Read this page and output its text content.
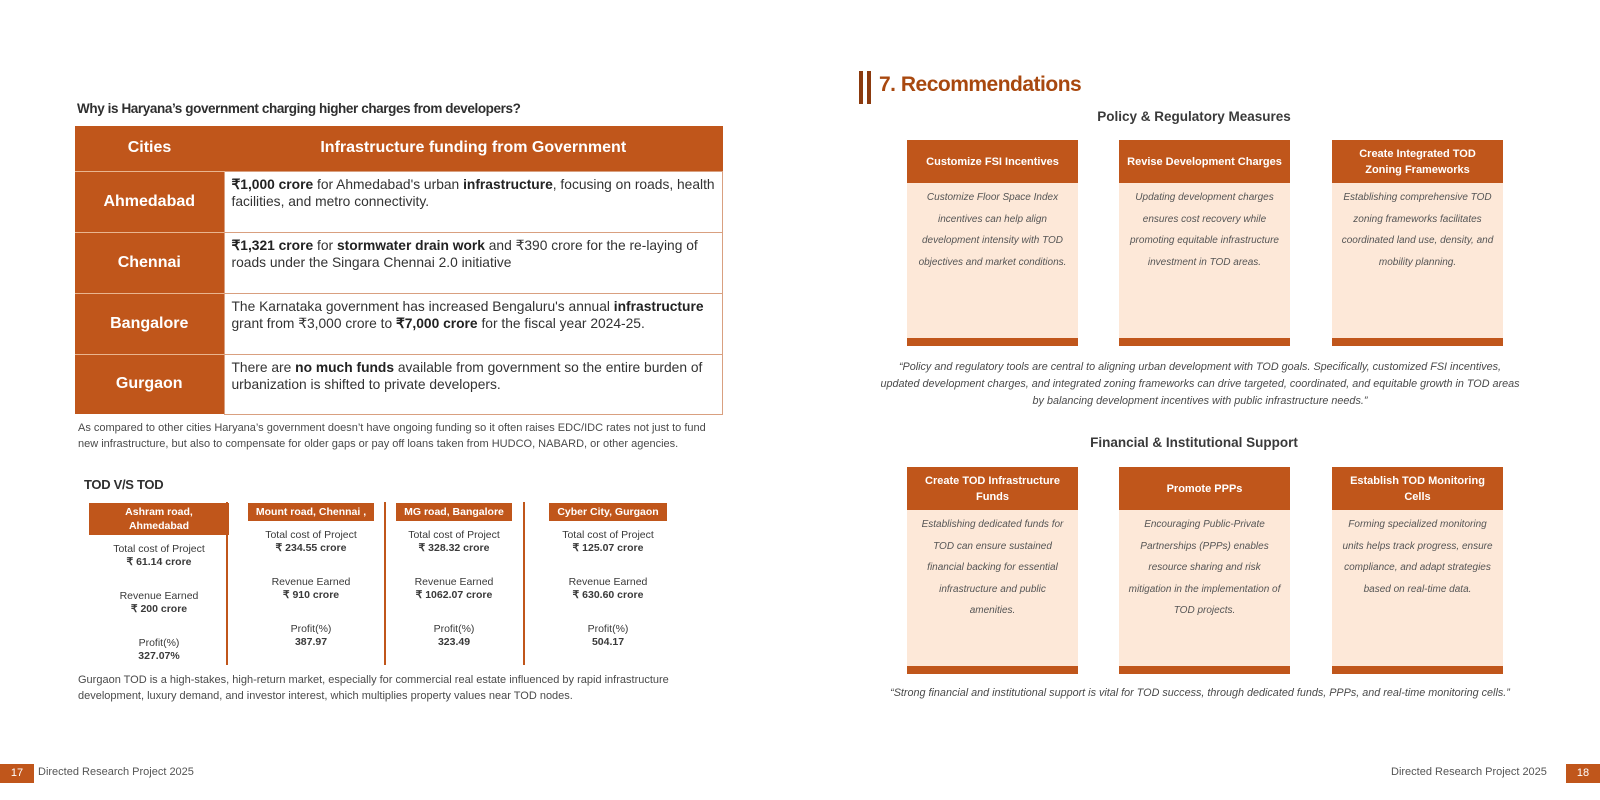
Why is Haryana’s government charging higher charges from developers?
Cities	Infrastructure funding from Government
Ahmedabad	₹1,000 crore for Ahmedabad's urban infrastructure, focusing on roads, health facilities, and metro connectivity.
Chennai	₹1,321 crore for stormwater drain work and ₹390 crore for the re-laying of roads under the Singara Chennai 2.0 initiative
Bangalore	The Karnataka government has increased Bengaluru's annual infrastructure grant from ₹3,000 crore to ₹7,000 crore for the fiscal year 2024-25.
Gurgaon	There are no much funds available from government so the entire burden of urbanization is shifted to private developers.
As compared to other cities Haryana’s government doesn’t have ongoing funding so it often raises EDC/IDC rates not just to fund new infrastructure, but also to compensate for older gaps or pay off loans taken from HUDCO, NABARD, or other agencies.
TOD V/S TOD
Ashram road, Ahmedabad
Total cost of Project
₹ 61.14 crore
Revenue Earned
₹ 200 crore
Profit(%)
327.07%
Mount road, Chennai ,
Total cost of Project
₹ 234.55 crore
Revenue Earned
₹ 910 crore
Profit(%)
387.97
MG road, Bangalore
Total cost of Project
₹ 328.32 crore
Revenue Earned
₹ 1062.07 crore
Profit(%)
323.49
Cyber City, Gurgaon
Total cost of Project
₹ 125.07 crore
Revenue Earned
₹ 630.60 crore
Profit(%)
504.17
Gurgaon TOD is a high-stakes, high-return market, especially for commercial real estate influenced by rapid infrastructure development, luxury demand, and investor interest, which multiplies property values near TOD nodes.
17	Directed Research Project 2025
7. Recommendations
Policy & Regulatory Measures
Customize FSI Incentives
Customize Floor Space Index incentives can help align development intensity with TOD objectives and market conditions.
Revise Development Charges
Updating development charges ensures cost recovery while promoting equitable infrastructure investment in TOD areas.
Create Integrated TOD Zoning Frameworks
Establishing comprehensive TOD zoning frameworks facilitates coordinated land use, density, and mobility planning.
“Policy and regulatory tools are central to aligning urban development with TOD goals. Specifically, customized FSI incentives, updated development charges, and integrated zoning frameworks can drive targeted, coordinated, and equitable growth in TOD areas by balancing development incentives with public infrastructure needs.”
Financial & Institutional Support
Create TOD Infrastructure Funds
Establishing dedicated funds for TOD can ensure sustained financial backing for essential infrastructure and public amenities.
Promote PPPs
Encouraging Public-Private Partnerships (PPPs) enables resource sharing and risk mitigation in the implementation of TOD projects.
Establish TOD Monitoring Cells
Forming specialized monitoring units helps track progress, ensure compliance, and adapt strategies based on real-time data.
“Strong financial and institutional support is vital for TOD success, through dedicated funds, PPPs, and real-time monitoring cells.”
Directed Research Project 2025	18
